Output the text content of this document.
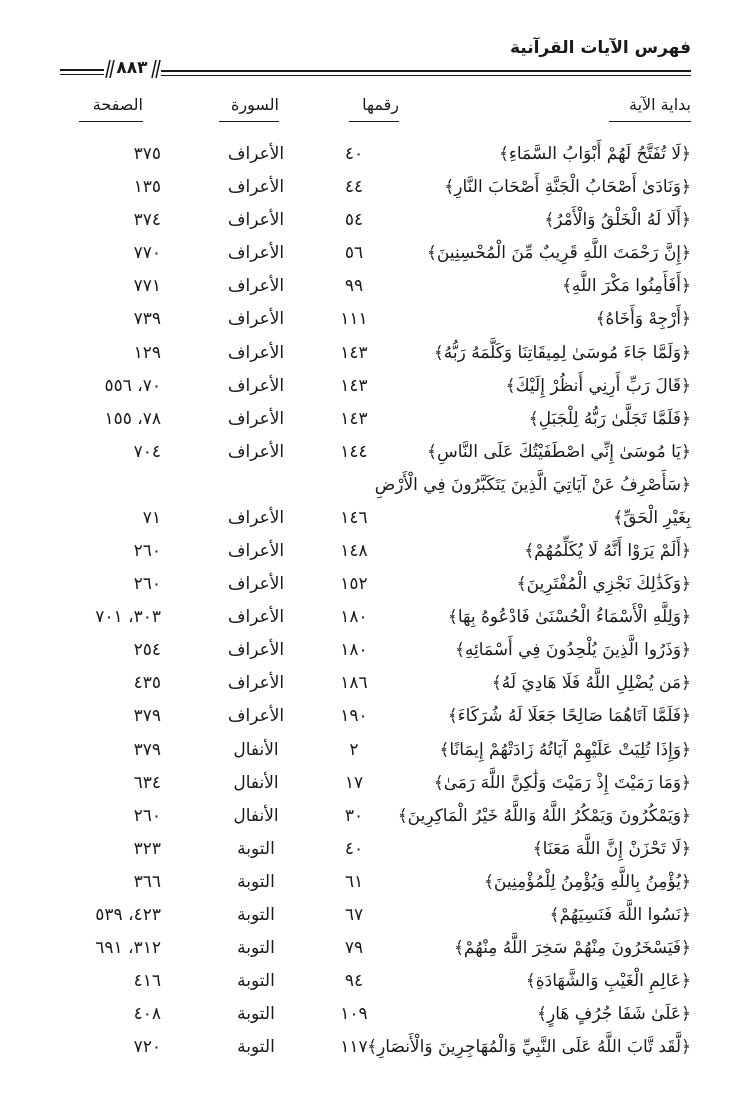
فهرس الآيات القرآنية
٨٨٣
بداية الآية
رقمها
السورة
الصفحة
﴿لَا تُفَتَّحُ لَهُمْ أَبْوَابُ السَّمَاءِ﴾
٤٠
الأعراف
٣٧٥
﴿وَنَادَىٰ أَصْحَابُ الْجَنَّةِ أَصْحَابَ النَّارِ﴾
٤٤
الأعراف
١٣٥
﴿أَلَا لَهُ الْخَلْقُ وَالْأَمْرُ﴾
٥٤
الأعراف
٣٧٤
﴿إِنَّ رَحْمَتَ اللَّهِ قَرِيبٌ مِّنَ الْمُحْسِنِينَ﴾
٥٦
الأعراف
٧٧٠
﴿أَفَأَمِنُوا مَكْرَ اللَّهِ﴾
٩٩
الأعراف
٧٧١
﴿أَرْجِهْ وَأَخَاهُ﴾
١١١
الأعراف
٧٣٩
﴿وَلَمَّا جَاءَ مُوسَىٰ لِمِيقَاتِنَا وَكَلَّمَهُ رَبُّهُ﴾
١٤٣
الأعراف
١٢٩
﴿قَالَ رَبِّ أَرِنِي أَنظُرْ إِلَيْكَ﴾
١٤٣
الأعراف
٧٠، ٥٥٦
﴿فَلَمَّا تَجَلَّىٰ رَبُّهُ لِلْجَبَلِ﴾
١٤٣
الأعراف
٧٨، ١٥٥
﴿يَا مُوسَىٰ إِنِّي اصْطَفَيْتُكَ عَلَى النَّاسِ﴾
١٤٤
الأعراف
٧٠٤
﴿سَأَصْرِفُ عَنْ آيَاتِيَ الَّذِينَ يَتَكَبَّرُونَ فِي الْأَرْضِ بِغَيْرِ الْحَقِّ﴾
١٤٦
الأعراف
٧١
﴿أَلَمْ يَرَوْا أَنَّهُ لَا يُكَلِّمُهُمْ﴾
١٤٨
الأعراف
٢٦٠
﴿وَكَذَٰلِكَ نَجْزِي الْمُفْتَرِينَ﴾
١٥٢
الأعراف
٢٦٠
﴿وَلِلَّهِ الْأَسْمَاءُ الْحُسْنَىٰ فَادْعُوهُ بِهَا﴾
١٨٠
الأعراف
٣٠٣، ٧٠١
﴿وَذَرُوا الَّذِينَ يُلْحِدُونَ فِي أَسْمَائِهِ﴾
١٨٠
الأعراف
٢٥٤
﴿مَن يُضْلِلِ اللَّهُ فَلَا هَادِيَ لَهُ﴾
١٨٦
الأعراف
٤٣٥
﴿فَلَمَّا آتَاهُمَا صَالِحًا جَعَلَا لَهُ شُرَكَاءَ﴾
١٩٠
الأعراف
٣٧٩
﴿وَإِذَا تُلِيَتْ عَلَيْهِمْ آيَاتُهُ زَادَتْهُمْ إِيمَانًا﴾
٢
الأنفال
٣٧٩
﴿وَمَا رَمَيْتَ إِذْ رَمَيْتَ وَلَٰكِنَّ اللَّهَ رَمَىٰ﴾
١٧
الأنفال
٦٣٤
﴿وَيَمْكُرُونَ وَيَمْكُرُ اللَّهُ وَاللَّهُ خَيْرُ الْمَاكِرِينَ﴾
٣٠
الأنفال
٢٦٠
﴿لَا تَحْزَنْ إِنَّ اللَّهَ مَعَنَا﴾
٤٠
التوبة
٣٢٣
﴿يُؤْمِنُ بِاللَّهِ وَيُؤْمِنُ لِلْمُؤْمِنِينَ﴾
٦١
التوبة
٣٦٦
﴿نَسُوا اللَّهَ فَنَسِيَهُمْ﴾
٦٧
التوبة
٤٢٣، ٥٣٩
﴿فَيَسْخَرُونَ مِنْهُمْ سَخِرَ اللَّهُ مِنْهُمْ﴾
٧٩
التوبة
٣١٢، ٦٩١
﴿عَالِمِ الْغَيْبِ وَالشَّهَادَةِ﴾
٩٤
التوبة
٤١٦
﴿عَلَىٰ شَفَا جُرُفٍ هَارٍ﴾
١٠٩
التوبة
٤٠٨
﴿لَّقَد تَّابَ اللَّهُ عَلَى النَّبِيِّ وَالْمُهَاجِرِينَ وَالْأَنصَارِ﴾
١١٧
التوبة
٧٢٠
